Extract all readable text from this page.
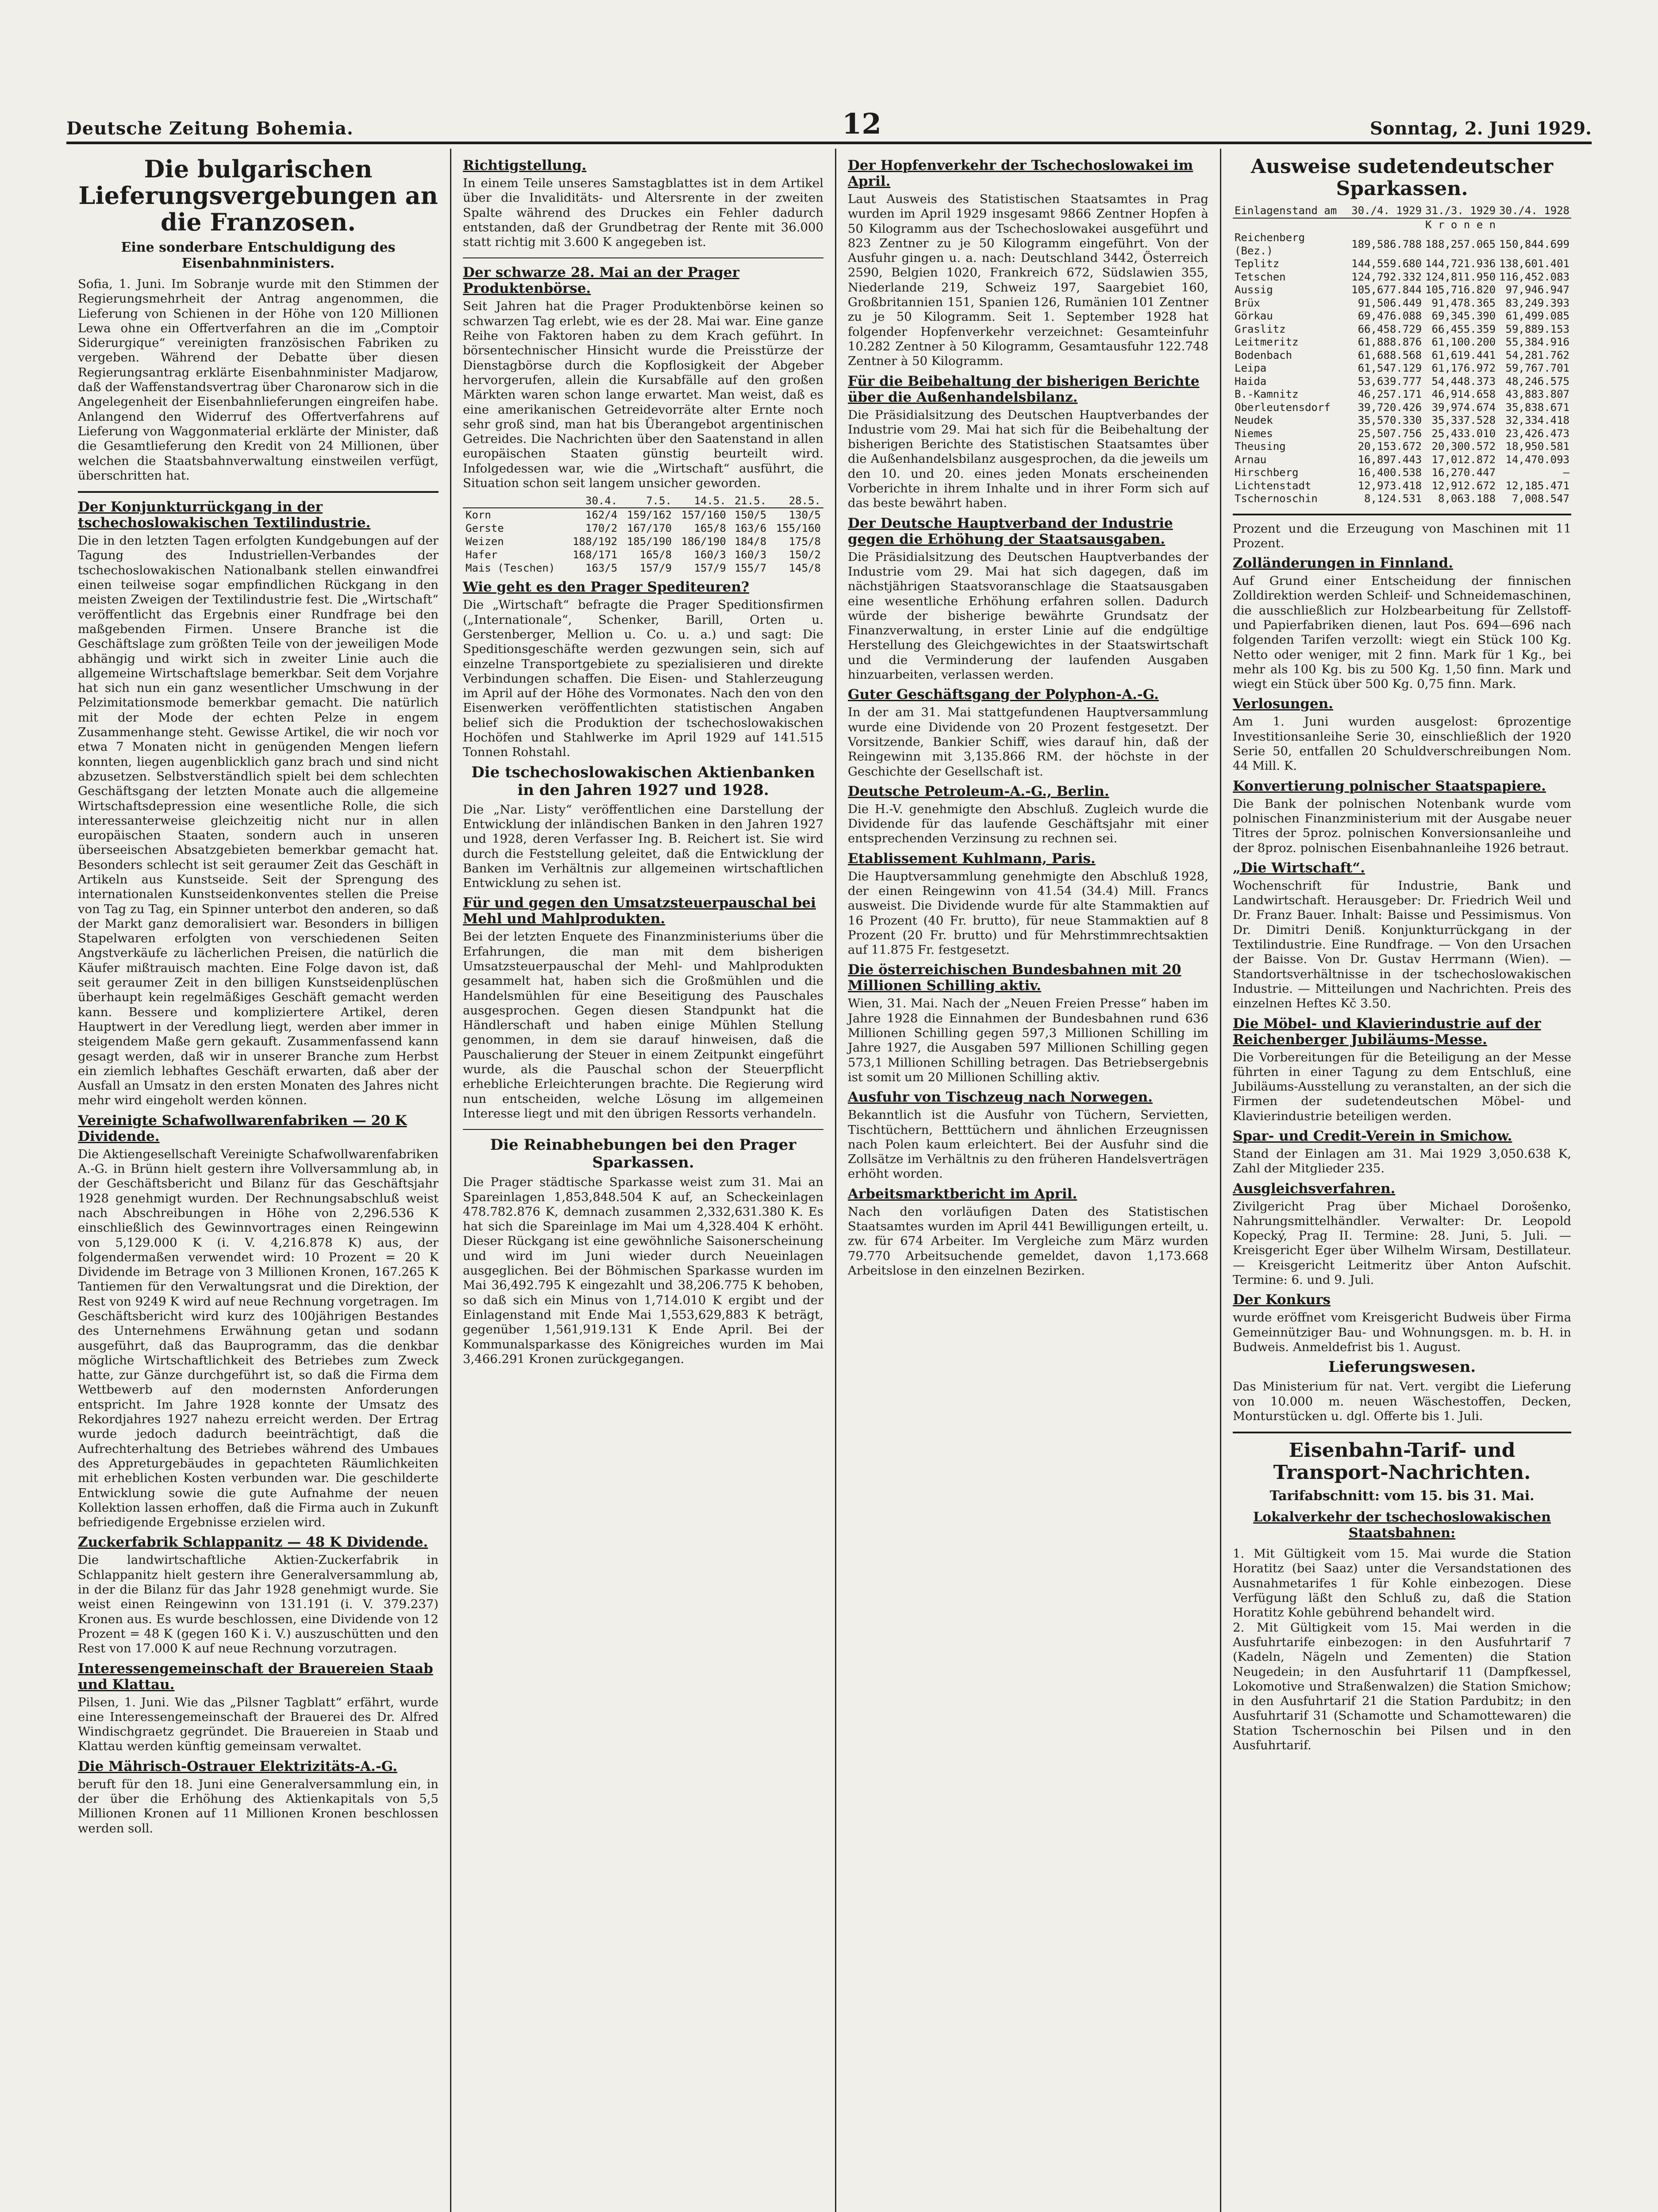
Deutsche Zeitung Bohemia.	12	Sonntag, 2. Juni 1929.
Die bulgarischen Lieferungsvergebungen an die Franzosen.
Eine sonderbare Entschuldigung des Eisenbahnministers.
Sofia, 1. Juni. Im Sobranje wurde mit den Stimmen der Regierungsmehrheit der Antrag angenommen, die Lieferung von Schienen in der Höhe von 120 Millionen Lewa ohne ein Offertverfahren an die im „Comptoir Siderurgique“ vereinigten französischen Fabriken zu vergeben. Während der Debatte über diesen Regierungsantrag erklärte Eisenbahnminister Madjarow, daß der Waffenstandsvertrag über Charonarow sich in die Angelegenheit der Eisenbahnlieferungen eingreifen habe. Anlangend den Widerruf des Offertverfahrens auf Lieferung von Waggonmaterial erklärte der Minister, daß die Gesamtlieferung den Kredit von 24 Millionen, über welchen die Staatsbahnverwaltung einstweilen verfügt, überschritten hat.
Der Konjunkturrückgang in der tschechoslowakischen Textilindustrie.
Die in den letzten Tagen erfolgten Kundgebungen auf der Tagung des Industriellen-Verbandes der tschechoslowakischen Nationalbank stellen einwandfrei einen teilweise sogar empfindlichen Rückgang in den meisten Zweigen der Textilindustrie fest. Die „Wirtschaft“ veröffentlicht das Ergebnis einer Rundfrage bei den maßgebenden Firmen. Unsere Branche ist die Geschäftslage zum größten Teile von der jeweiligen Mode abhängig und wirkt sich in zweiter Linie auch die allgemeine Wirtschaftslage bemerkbar. Seit dem Vorjahre hat sich nun ein ganz wesentlicher Umschwung in der Pelzimitationsmode bemerkbar gemacht. Die natürlich mit der Mode der echten Pelze in engem Zusammenhange steht. Gewisse Artikel, die wir noch vor etwa 7 Monaten nicht in genügenden Mengen liefern konnten, liegen augenblicklich ganz brach und sind nicht abzusetzen. Selbstverständlich spielt bei dem schlechten Geschäftsgang der letzten Monate auch die allgemeine Wirtschaftsdepression eine wesentliche Rolle, die sich interessanterweise gleichzeitig nicht nur in allen europäischen Staaten, sondern auch in unseren überseeischen Absatzgebieten bemerkbar gemacht hat. Besonders schlecht ist seit geraumer Zeit das Geschäft in Artikeln aus Kunstseide. Seit der Sprengung des internationalen Kunstseidenkonventes stellen die Preise von Tag zu Tag, ein Spinner unterbot den anderen, so daß der Markt ganz demoralisiert war. Besonders in billigen Stapelwaren erfolgten von verschiedenen Seiten Angstverkäufe zu lächerlichen Preisen, die natürlich die Käufer mißtrauisch machten. Eine Folge davon ist, daß seit geraumer Zeit in den billigen Kunstseidenplüschen überhaupt kein regelmäßiges Geschäft gemacht werden kann. Bessere und kompliziertere Artikel, deren Hauptwert in der Veredlung liegt, werden aber immer in steigendem Maße gern gekauft. Zusammenfassend kann gesagt werden, daß wir in unserer Branche zum Herbst ein ziemlich lebhaftes Geschäft erwarten, daß aber der Ausfall an Umsatz in den ersten Monaten des Jahres nicht mehr wird eingeholt werden können.
Vereinigte Schafwollwarenfabriken — 20 K Dividende.
Die Aktiengesellschaft Vereinigte Schafwollwarenfabriken A.-G. in Brünn hielt gestern ihre Vollversammlung ab, in der Geschäftsbericht und Bilanz für das Geschäftsjahr 1928 genehmigt wurden. Der Rechnungsabschluß weist nach Abschreibungen in Höhe von 2,296.536 K einschließlich des Gewinnvortrages einen Reingewinn von 5,129.000 K (i. V. 4,216.878 K) aus, der folgendermaßen verwendet wird: 10 Prozent = 20 K Dividende im Betrage von 3 Millionen Kronen, 167.265 K Tantiemen für den Verwaltungsrat und die Direktion, der Rest von 9249 K wird auf neue Rechnung vorgetragen. Im Geschäftsbericht wird kurz des 100jährigen Bestandes des Unternehmens Erwähnung getan und sodann ausgeführt, daß das Bauprogramm, das die denkbar mögliche Wirtschaftlichkeit des Betriebes zum Zweck hatte, zur Gänze durchgeführt ist, so daß die Firma dem Wettbewerb auf den modernsten Anforderungen entspricht. Im Jahre 1928 konnte der Umsatz des Rekordjahres 1927 nahezu erreicht werden. Der Ertrag wurde jedoch dadurch beeinträchtigt, daß die Aufrechterhaltung des Betriebes während des Umbaues des Appreturgebäudes in gepachteten Räumlichkeiten mit erheblichen Kosten verbunden war. Die geschilderte Entwicklung sowie die gute Aufnahme der neuen Kollektion lassen erhoffen, daß die Firma auch in Zukunft befriedigende Ergebnisse erzielen wird.
Zuckerfabrik Schlappanitz — 48 K Dividende.
Die landwirtschaftliche Aktien-Zuckerfabrik in Schlappanitz hielt gestern ihre Generalversammlung ab, in der die Bilanz für das Jahr 1928 genehmigt wurde. Sie weist einen Reingewinn von 131.191 (i. V. 379.237) Kronen aus. Es wurde beschlossen, eine Dividende von 12 Prozent = 48 K (gegen 160 K i. V.) auszuschütten und den Rest von 17.000 K auf neue Rechnung vorzutragen.
Interessengemeinschaft der Brauereien Staab und Klattau.
Pilsen, 1. Juni. Wie das „Pilsner Tagblatt“ erfährt, wurde eine Interessengemeinschaft der Brauerei des Dr. Alfred Windischgraetz gegründet. Die Brauereien in Staab und Klattau werden künftig gemeinsam verwaltet.
Die Mährisch-Ostrauer Elektrizitäts-A.-G.
beruft für den 18. Juni eine Generalversammlung ein, in der über die Erhöhung des Aktienkapitals von 5,5 Millionen Kronen auf 11 Millionen Kronen beschlossen werden soll.
Richtigstellung.
In einem Teile unseres Samstagblattes ist in dem Artikel über die Invaliditäts- und Altersrente in der zweiten Spalte während des Druckes ein Fehler dadurch entstanden, daß der Grundbetrag der Rente mit 36.000 statt richtig mit 3.600 K angegeben ist.
Der schwarze 28. Mai an der Prager Produktenbörse.
Seit Jahren hat die Prager Produktenbörse keinen so schwarzen Tag erlebt, wie es der 28. Mai war. Eine ganze Reihe von Faktoren haben zu dem Krach geführt. In börsentechnischer Hinsicht wurde die Preisstürze der Dienstagbörse durch die Kopflosigkeit der Abgeber hervorgerufen, allein die Kursabfälle auf den großen Märkten waren schon lange erwartet. Man weist, daß es eine amerikanischen Getreidevorräte alter Ernte noch sehr groß sind, man hat bis Überangebot argentinischen Getreides. Die Nachrichten über den Saatenstand in allen europäischen Staaten günstig beurteilt wird. Infolgedessen war, wie die „Wirtschaft“ ausführt, die Situation schon seit langem unsicher geworden.
	30.4.	7.5.	14.5.	21.5.	28.5.
Korn	162/4	159/162	157/160	150/5	130/5
Gerste	170/2	167/170	165/8	163/6	155/160
Weizen	188/192	185/190	186/190	184/8	175/8
Hafer	168/171	165/8	160/3	160/3	150/2
Mais (Teschen)	163/5	157/9	157/9	155/7	145/8
Wie geht es den Prager Spediteuren?
Die „Wirtschaft“ befragte die Prager Speditionsfirmen („Internationale“, Schenker, Barill, Orten u. Gerstenberger, Mellion u. Co. u. a.) und sagt: Die Speditionsgeschäfte werden gezwungen sein, sich auf einzelne Transportgebiete zu spezialisieren und direkte Verbindungen schaffen. Die Eisen- und Stahlerzeugung im April auf der Höhe des Vormonates. Nach den von den Eisenwerken veröffentlichten statistischen Angaben belief sich die Produktion der tschechoslowakischen Hochöfen und Stahlwerke im April 1929 auf 141.515 Tonnen Rohstahl.
Die tschechoslowakischen Aktienbanken in den Jahren 1927 und 1928.
Die „Nar. Listy“ veröffentlichen eine Darstellung der Entwicklung der inländischen Banken in den Jahren 1927 und 1928, deren Verfasser Ing. B. Reichert ist. Sie wird durch die Feststellung geleitet, daß die Entwicklung der Banken im Verhältnis zur allgemeinen wirtschaftlichen Entwicklung zu sehen ist.
Für und gegen den Umsatzsteuerpauschal bei Mehl und Mahlprodukten.
Bei der letzten Enquete des Finanzministeriums über die Erfahrungen, die man mit dem bisherigen Umsatzsteuerpauschal der Mehl- und Mahlprodukten gesammelt hat, haben sich die Großmühlen und die Handelsmühlen für eine Beseitigung des Pauschales ausgesprochen. Gegen diesen Standpunkt hat die Händlerschaft und haben einige Mühlen Stellung genommen, in dem sie darauf hinweisen, daß die Pauschalierung der Steuer in einem Zeitpunkt eingeführt wurde, als die Pauschal schon der Steuerpflicht erhebliche Erleichterungen brachte. Die Regierung wird nun entscheiden, welche Lösung im allgemeinen Interesse liegt und mit den übrigen Ressorts verhandeln.
Die Reinabhebungen bei den Prager Sparkassen.
Die Prager städtische Sparkasse weist zum 31. Mai an Spareinlagen 1,853,848.504 K auf, an Scheckeinlagen 478.782.876 K, demnach zusammen 2,332,631.380 K. Es hat sich die Spareinlage im Mai um 4,328.404 K erhöht. Dieser Rückgang ist eine gewöhnliche Saisonerscheinung und wird im Juni wieder durch Neueinlagen ausgeglichen. Bei der Böhmischen Sparkasse wurden im Mai 36,492.795 K eingezahlt und 38,206.775 K behoben, so daß sich ein Minus von 1,714.010 K ergibt und der Einlagenstand mit Ende Mai 1,553,629,883 K beträgt, gegenüber 1,561,919.131 K Ende April. Bei der Kommunalsparkasse des Königreiches wurden im Mai 3,466.291 Kronen zurückgegangen.
Der Hopfenverkehr der Tschechoslowakei im April.
Laut Ausweis des Statistischen Staatsamtes in Prag wurden im April 1929 insgesamt 9866 Zentner Hopfen à 50 Kilogramm aus der Tschechoslowakei ausgeführt und 823 Zentner zu je 50 Kilogramm eingeführt. Von der Ausfuhr gingen u. a. nach: Deutschland 3442, Österreich 2590, Belgien 1020, Frankreich 672, Südslawien 355, Niederlande 219, Schweiz 197, Saargebiet 160, Großbritannien 151, Spanien 126, Rumänien 101 Zentner zu je 50 Kilogramm. Seit 1. September 1928 hat folgender Hopfenverkehr verzeichnet: Gesamteinfuhr 10.282 Zentner à 50 Kilogramm, Gesamtausfuhr 122.748 Zentner à 50 Kilogramm.
Für die Beibehaltung der bisherigen Berichte über die Außenhandelsbilanz.
Die Präsidialsitzung des Deutschen Hauptverbandes der Industrie vom 29. Mai hat sich für die Beibehaltung der bisherigen Berichte des Statistischen Staatsamtes über die Außenhandelsbilanz ausgesprochen, da die jeweils um den 10. und 20. eines jeden Monats erscheinenden Vorberichte in ihrem Inhalte und in ihrer Form sich auf das beste bewährt haben.
Der Deutsche Hauptverband der Industrie gegen die Erhöhung der Staatsausgaben.
Die Präsidialsitzung des Deutschen Hauptverbandes der Industrie vom 29. Mai hat sich dagegen, daß im nächstjährigen Staatsvoranschlage die Staatsausgaben eine wesentliche Erhöhung erfahren sollen. Dadurch würde der bisherige bewährte Grundsatz der Finanzverwaltung, in erster Linie auf die endgültige Herstellung des Gleichgewichtes in der Staatswirtschaft und die Verminderung der laufenden Ausgaben hinzuarbeiten, verlassen werden.
Guter Geschäftsgang der Polyphon-A.-G.
In der am 31. Mai stattgefundenen Hauptversammlung wurde eine Dividende von 20 Prozent festgesetzt. Der Vorsitzende, Bankier Schiff, wies darauf hin, daß der Reingewinn mit 3,135.866 RM. der höchste in der Geschichte der Gesellschaft ist.
Deutsche Petroleum-A.-G., Berlin.
Die H.-V. genehmigte den Abschluß. Zugleich wurde die Dividende für das laufende Geschäftsjahr mit einer entsprechenden Verzinsung zu rechnen sei.
Etablissement Kuhlmann, Paris.
Die Hauptversammlung genehmigte den Abschluß 1928, der einen Reingewinn von 41.54 (34.4) Mill. Francs ausweist. Die Dividende wurde für alte Stammaktien auf 16 Prozent (40 Fr. brutto), für neue Stammaktien auf 8 Prozent (20 Fr. brutto) und für Mehrstimmrechtsaktien auf 11.875 Fr. festgesetzt.
Die österreichischen Bundesbahnen mit 20 Millionen Schilling aktiv.
Wien, 31. Mai. Nach der „Neuen Freien Presse“ haben im Jahre 1928 die Einnahmen der Bundesbahnen rund 636 Millionen Schilling gegen 597,3 Millionen Schilling im Jahre 1927, die Ausgaben 597 Millionen Schilling gegen 573,1 Millionen Schilling betragen. Das Betriebsergebnis ist somit um 20 Millionen Schilling aktiv.
Ausfuhr von Tischzeug nach Norwegen.
Bekanntlich ist die Ausfuhr von Tüchern, Servietten, Tischtüchern, Betttüchern und ähnlichen Erzeugnissen nach Polen kaum erleichtert. Bei der Ausfuhr sind die Zollsätze im Verhältnis zu den früheren Handelsverträgen erhöht worden.
Arbeitsmarktbericht im April.
Nach den vorläufigen Daten des Statistischen Staatsamtes wurden im April 441 Bewilligungen erteilt, u. zw. für 674 Arbeiter. Im Vergleiche zum März wurden 79.770 Arbeitsuchende gemeldet, davon 1,173.668 Arbeitslose in den einzelnen Bezirken.
Ausweise sudetendeutscher Sparkassen.
Einlagenstand am	30./4. 1929	31./3. 1929	30./4. 1928
	K r o n e n		
Reichenberg (Bez.)	189,586.788	188,257.065	150,844.699
Teplitz	144,559.680	144,721.936	138,601.401
Tetschen	124,792.332	124,811.950	116,452.083
Aussig	105,677.844	105,716.820	97,946.947
Brüx	91,506.449	91,478.365	83,249.393
Görkau	69,476.088	69,345.390	61,499.085
Graslitz	66,458.729	66,455.359	59,889.153
Leitmeritz	61,888.876	61,100.200	55,384.916
Bodenbach	61,688.568	61,619.441	54,281.762
Leipa	61,547.129	61,176.972	59,767.701
Haida	53,639.777	54,448.373	48,246.575
B.-Kamnitz	46,257.171	46,914.658	43,883.807
Oberleutensdorf	39,720.426	39,974.674	35,838.671
Neudek	35,570.330	35,337.528	32,334.418
Niemes	25,507.756	25,433.010	23,426.473
Theusing	20,153.672	20,300.572	18,950.581
Arnau	16,897.443	17,012.872	14,470.093
Hirschberg	16,400.538	16,270.447	—
Lichtenstadt	12,973.418	12,912.672	12,185.471
Tschernoschin	8,124.531	8,063.188	7,008.547
Prozent und die Erzeugung von Maschinen mit 11 Prozent.
Zolländerungen in Finnland.
Auf Grund einer Entscheidung der finnischen Zolldirektion werden Schleif- und Schneidemaschinen, die ausschließlich zur Holzbearbeitung für Zellstoff- und Papierfabriken dienen, laut Pos. 694—696 nach folgenden Tarifen verzollt: wiegt ein Stück 100 Kg. Netto oder weniger, mit 2 finn. Mark für 1 Kg., bei mehr als 100 Kg. bis zu 500 Kg. 1,50 finn. Mark und wiegt ein Stück über 500 Kg. 0,75 finn. Mark.
Verlosungen.
Am 1. Juni wurden ausgelost: 6prozentige Investitionsanleihe Serie 30, einschließlich der 1920 Serie 50, entfallen 20 Schuldverschreibungen Nom. 44 Mill. K.
Konvertierung polnischer Staatspapiere.
Die Bank der polnischen Notenbank wurde vom polnischen Finanzministerium mit der Ausgabe neuer Titres der 5proz. polnischen Konversionsanleihe und der 8proz. polnischen Eisenbahnanleihe 1926 betraut.
„Die Wirtschaft“.
Wochenschrift für Industrie, Bank und Landwirtschaft. Herausgeber: Dr. Friedrich Weil und Dr. Franz Bauer. Inhalt: Baisse und Pessimismus. Von Dr. Dimitri Deniß. Konjunkturrückgang in der Textilindustrie. Eine Rundfrage. — Von den Ursachen der Baisse. Von Dr. Gustav Herrmann (Wien). — Standortsverhältnisse in der tschechoslowakischen Industrie. — Mitteilungen und Nachrichten. Preis des einzelnen Heftes Kč 3.50.
Die Möbel- und Klavierindustrie auf der Reichenberger Jubiläums-Messe.
Die Vorbereitungen für die Beteiligung an der Messe führten in einer Tagung zu dem Entschluß, eine Jubiläums-Ausstellung zu veranstalten, an der sich die Firmen der sudetendeutschen Möbel- und Klavierindustrie beteiligen werden.
Spar- und Credit-Verein in Smichow.
Stand der Einlagen am 31. Mai 1929 3,050.638 K, Zahl der Mitglieder 235.
Ausgleichsverfahren.
Zivilgericht Prag über Michael Dorošenko, Nahrungsmittelhändler. Verwalter: Dr. Leopold Kopecký, Prag II. Termine: 28. Juni, 5. Juli. — Kreisgericht Eger über Wilhelm Wirsam, Destillateur. — Kreisgericht Leitmeritz über Anton Aufschit. Termine: 6. und 9. Juli.
Der Konkurs
wurde eröffnet vom Kreisgericht Budweis über Firma Gemeinnütziger Bau- und Wohnungsgen. m. b. H. in Budweis. Anmeldefrist bis 1. August.
Lieferungswesen.
Das Ministerium für nat. Vert. vergibt die Lieferung von 10.000 m. neuen Wäschestoffen, Decken, Monturstücken u. dgl. Offerte bis 1. Juli.
Eisenbahn-Tarif- und Transport-Nachrichten.
Tarifabschnitt: vom 15. bis 31. Mai.
Lokalverkehr der tschechoslowakischen Staatsbahnen:
1. Mit Gültigkeit vom 15. Mai wurde die Station Horatitz (bei Saaz) unter die Versandstationen des Ausnahmetarifes 1 für Kohle einbezogen. Diese Verfügung läßt den Schluß zu, daß die Station Horatitz Kohle gebührend behandelt wird.
2. Mit Gültigkeit vom 15. Mai werden in die Ausfuhrtarife einbezogen: in den Ausfuhrtarif 7 (Kadeln, Nägeln und Zementen) die Station Neugedein; in den Ausfuhrtarif 11 (Dampfkessel, Lokomotive und Straßenwalzen) die Station Smichow; in den Ausfuhrtarif 21 die Station Pardubitz; in den Ausfuhrtarif 31 (Schamotte und Schamottewaren) die Station Tschernoschin bei Pilsen und in den Ausfuhrtarif.
